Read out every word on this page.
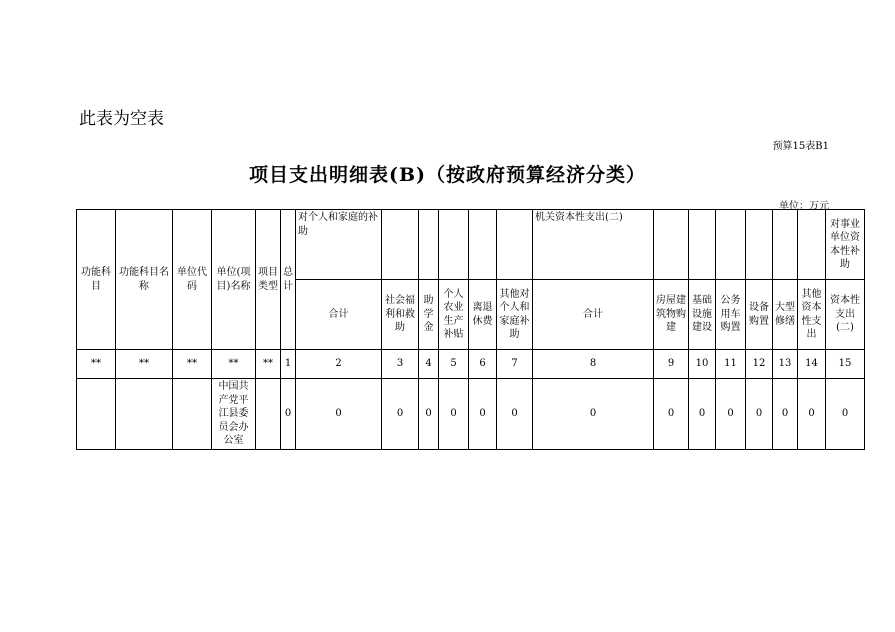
此表为空表
预算15表B1
项目支出明细表(B)（按政府预算经济分类）
单位：万元
功能科目	功能科目名称	单位代码	单位(项目)名称	项目类型	总计	对个人和家庭的补助						机关资本性支出(二)							对事业单位资本性补助
						合计	社会福利和救助	助学金	个人农业生产补贴	离退休费	其他对个人和家庭补助	合计	房屋建筑物购建	基础设施建设	公务用车购置	设备购置	大型修缮	其他资本性支出	资本性支出(二)
**	**	**	**	**	1	2	3	4	5	6	7	8	9	10	11	12	13	14	15
			中国共产党平江县委员会办公室		0	0	0	0	0	0	0	0	0	0	0	0	0	0	0
